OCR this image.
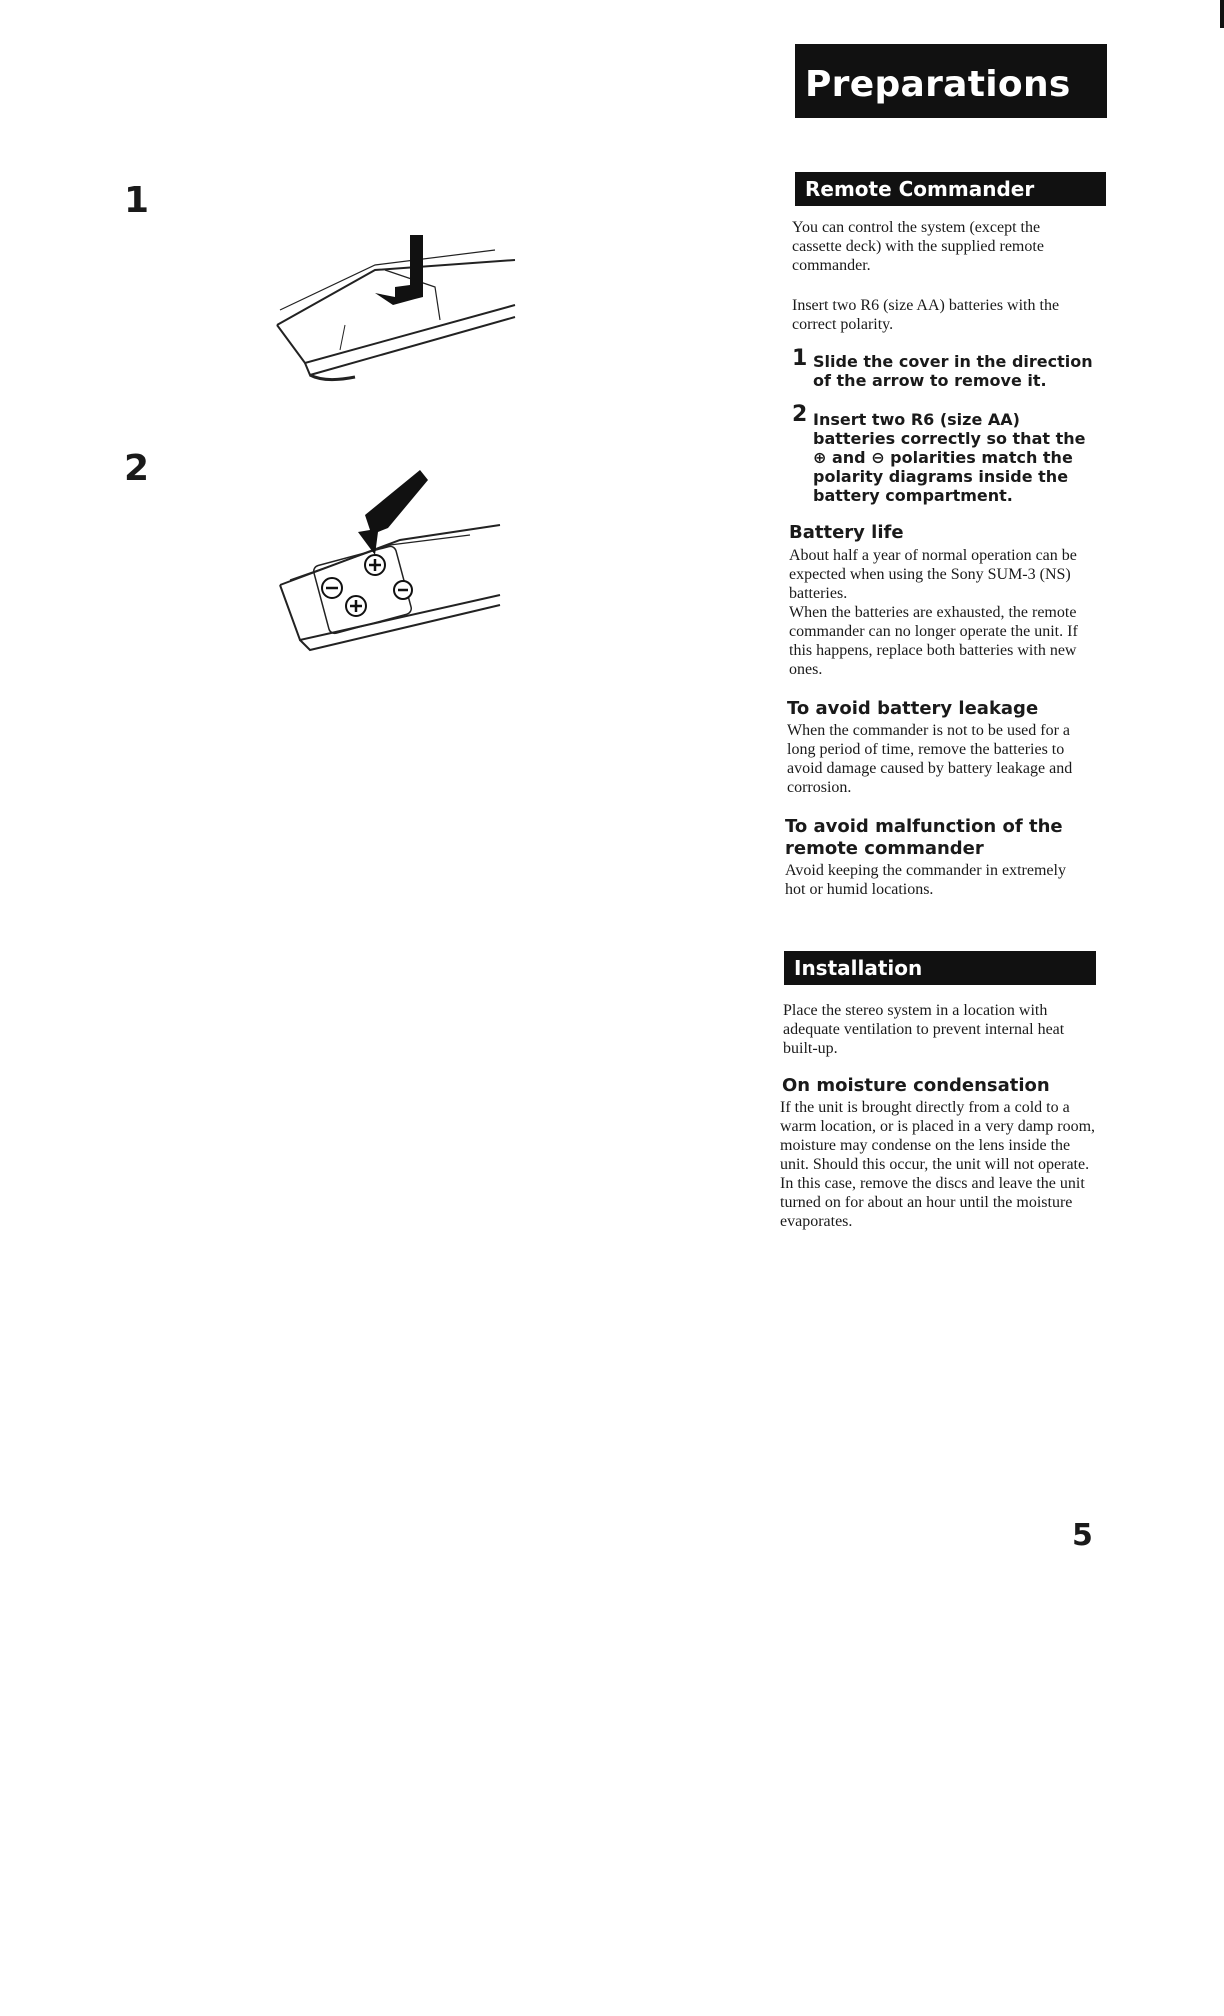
1
2
Preparations
Remote Commander
You can control the system (except the cassette deck) with the supplied remote commander.
Insert two R6 (size AA) batteries with the correct polarity.
1 Slide the cover in the direction of the arrow to remove it.
2 Insert two R6 (size AA) batteries correctly so that the ⊕ and ⊖ polarities match the polarity diagrams inside the battery compartment.
Battery life
About half a year of normal operation can be expected when using the Sony SUM-3 (NS) batteries.
When the batteries are exhausted, the remote commander can no longer operate the unit. If this happens, replace both batteries with new ones.
To avoid battery leakage
When the commander is not to be used for a long period of time, remove the batteries to avoid damage caused by battery leakage and corrosion.
To avoid malfunction of the remote commander
Avoid keeping the commander in extremely hot or humid locations.
Installation
Place the stereo system in a location with adequate ventilation to prevent internal heat built-up.
On moisture condensation
If the unit is brought directly from a cold to a warm location, or is placed in a very damp room, moisture may condense on the lens inside the unit. Should this occur, the unit will not operate. In this case, remove the discs and leave the unit turned on for about an hour until the moisture evaporates.
5
